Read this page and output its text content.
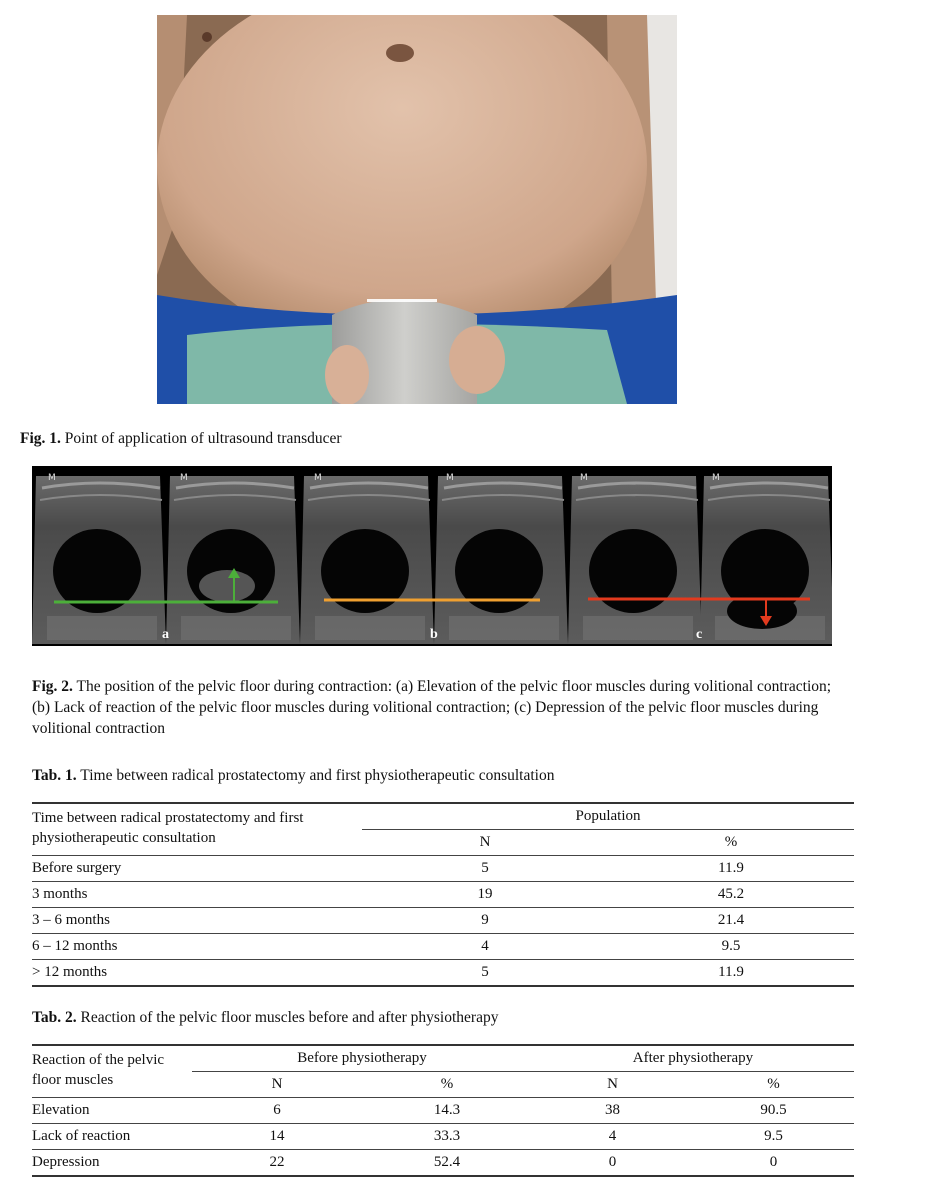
Fig. 1. Point of application of ultrasound transducer
M	M	M	M	M	M
a	b	c
Fig. 2. The position of the pelvic floor during contraction: (a) Elevation of the pelvic floor muscles during volitional contraction; (b) Lack of reaction of the pelvic floor muscles during volitional contraction; (c) Depression of the pelvic floor muscles during volitional contraction
Tab. 1. Time between radical prostatectomy and first physiotherapeutic consultation
Time between radical prostatectomy and first physiotherapeutic consultation	Population	
	N	%
Before surgery	5	11.9
3 months	19	45.2
3 – 6 months	9	21.4
6 – 12 months	4	9.5
> 12 months	5	11.9
Tab. 2. Reaction of the pelvic floor muscles before and after physiotherapy
Reaction of the pelvic floor muscles	Before physiotherapy		After physiotherapy	
	N	%	N	%
Elevation	6	14.3	38	90.5
Lack of reaction	14	33.3	4	9.5
Depression	22	52.4	0	0
